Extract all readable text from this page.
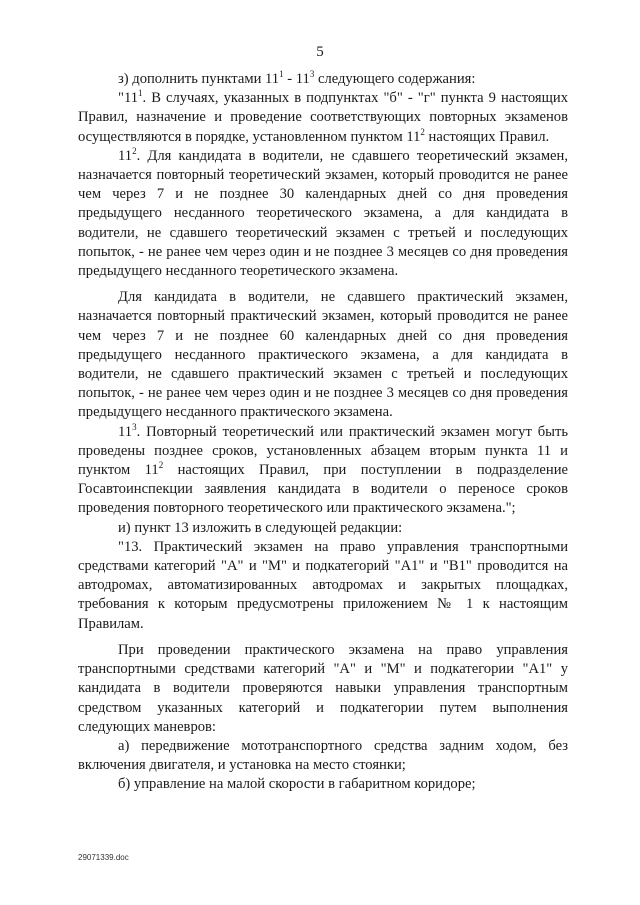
5

з) дополнить пунктами $11^1 - 11^3$ следующего содержания:

"$11^1$. В случаях, указанных в подпунктах "б" - "г" пункта 9 настоящих Правил, назначение и проведение соответствующих повторных экзаменов осуществляются в порядке, установленном пунктом $11^2$ настоящих Правил.

$11^2$. Для кандидата в водители, не сдавшего теоретический экзамен, назначается повторный теоретический экзамен, который проводится не ранее чем через 7 и не позднее 30 календарных дней со дня проведения предыдущего несданного теоретического экзамена, а для кандидата в водители, не сдавшего теоретический экзамен с третьей и последующих попыток, - не ранее чем через один и не позднее 3 месяцев со дня проведения предыдущего несданного теоретического экзамена.

Для кандидата в водители, не сдавшего практический экзамен, назначается повторный практический экзамен, который проводится не ранее чем через 7 и не позднее 60 календарных дней со дня проведения предыдущего несданного практического экзамена, а для кандидата в водители, не сдавшего практический экзамен с третьей и последующих попыток, - не ранее чем через один и не позднее 3 месяцев со дня проведения предыдущего несданного практического экзамена.

$11^3$. Повторный теоретический или практический экзамен могут быть проведены позднее сроков, установленных абзацем вторым пункта 11 и пунктом $11^2$ настоящих Правил, при поступлении в подразделение Госавтоинспекции заявления кандидата в водители о переносе сроков проведения повторного теоретического или практического экзамена.";

и) пункт 13 изложить в следующей редакции:

"13. Практический экзамен на право управления транспортными средствами категорий "А" и "М" и подкатегорий "А1" и "В1" проводится на автодромах, автоматизированных автодромах и закрытых площадках, требования к которым предусмотрены приложением № 1 к настоящим Правилам.

При проведении практического экзамена на право управления транспортными средствами категорий "А" и "М" и подкатегории "А1" у кандидата в водители проверяются навыки управления транспортным средством указанных категорий и подкатегории путем выполнения следующих маневров:

а) передвижение мототранспортного средства задним ходом, без включения двигателя, и установка на место стоянки;

б) управление на малой скорости в габаритном коридоре;

29071339.doc
